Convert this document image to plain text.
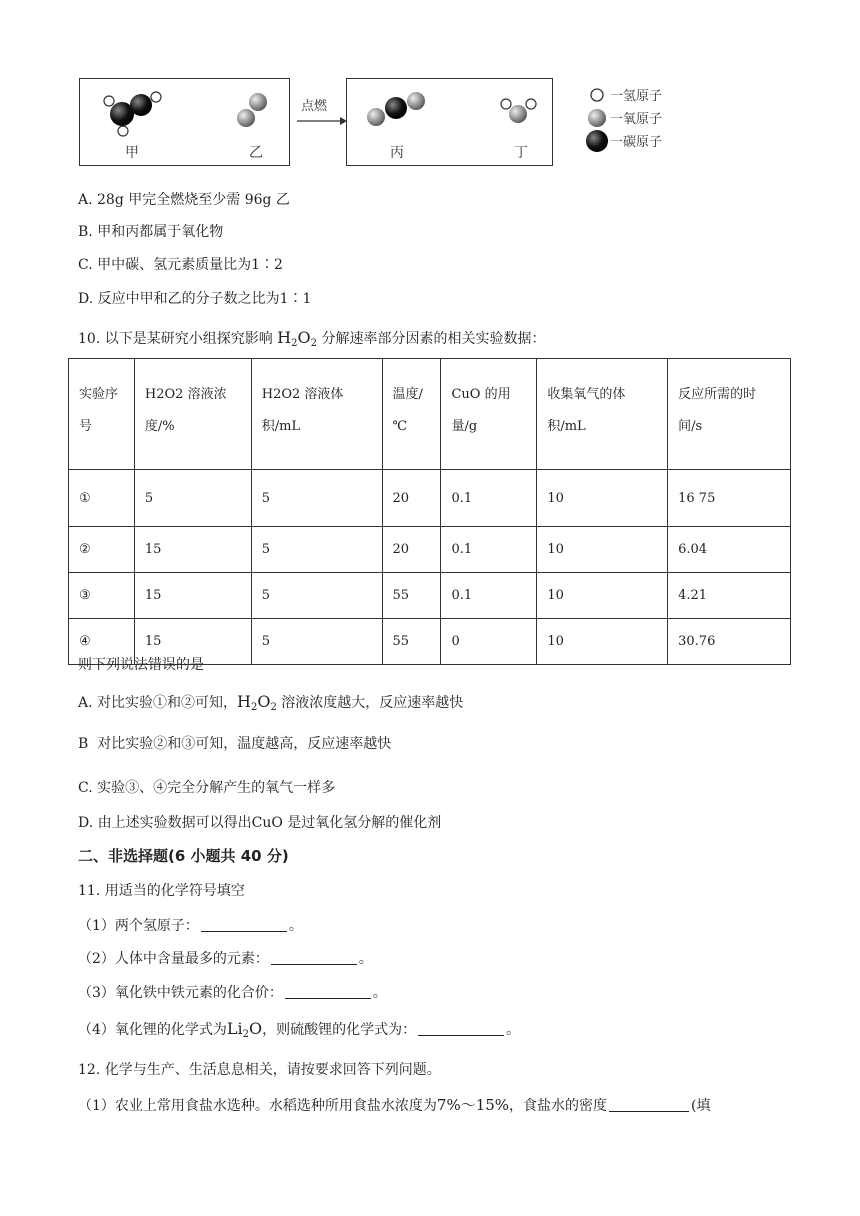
甲	乙	丙	丁
点燃
一氢原子
一氧原子
一碳原子
A. 28g 甲完全燃烧至少需 96g 乙
B. 甲和丙都属于氧化物
C. 甲中碳、氢元素质量比为1∶2
D. 反应中甲和乙的分子数之比为1∶1
10. 以下是某研究小组探究影响 $H_2O_2$ 分解速率部分因素的相关实验数据：
实验序号	H2O2 溶液浓度/%	H2O2 溶液体积/mL	温度/℃	CuO 的用量/g	收集氧气的体积/mL	反应所需的时间/s
①	5	5	20	0.1	10	16 75
②	15	5	20	0.1	10	6.04
③	15	5	55	0.1	10	4.21
④	15	5	55	0	10	30.76
则下列说法错误的是
A. 对比实验①和②可知，$H_2O_2$ 溶液浓度越大，反应速率越快
B 对比实验②和③可知，温度越高，反应速率越快
C. 实验③、④完全分解产生的氧气一样多
D. 由上述实验数据可以得出CuO 是过氧化氢分解的催化剂
二、非选择题(6 小题共 40 分)
11. 用适当的化学符号填空
（1）两个氢原子：	。
（2）人体中含量最多的元素：	。
（3）氧化铁中铁元素的化合价：	。
（4）氧化锂的化学式为$Li_2O$，则硫酸锂的化学式为：	。
12. 化学与生产、生活息息相关，请按要求回答下列问题。
（1）农业上常用食盐水选种。水稻选种所用食盐水浓度为7%～15%，食盐水的密度	(填
